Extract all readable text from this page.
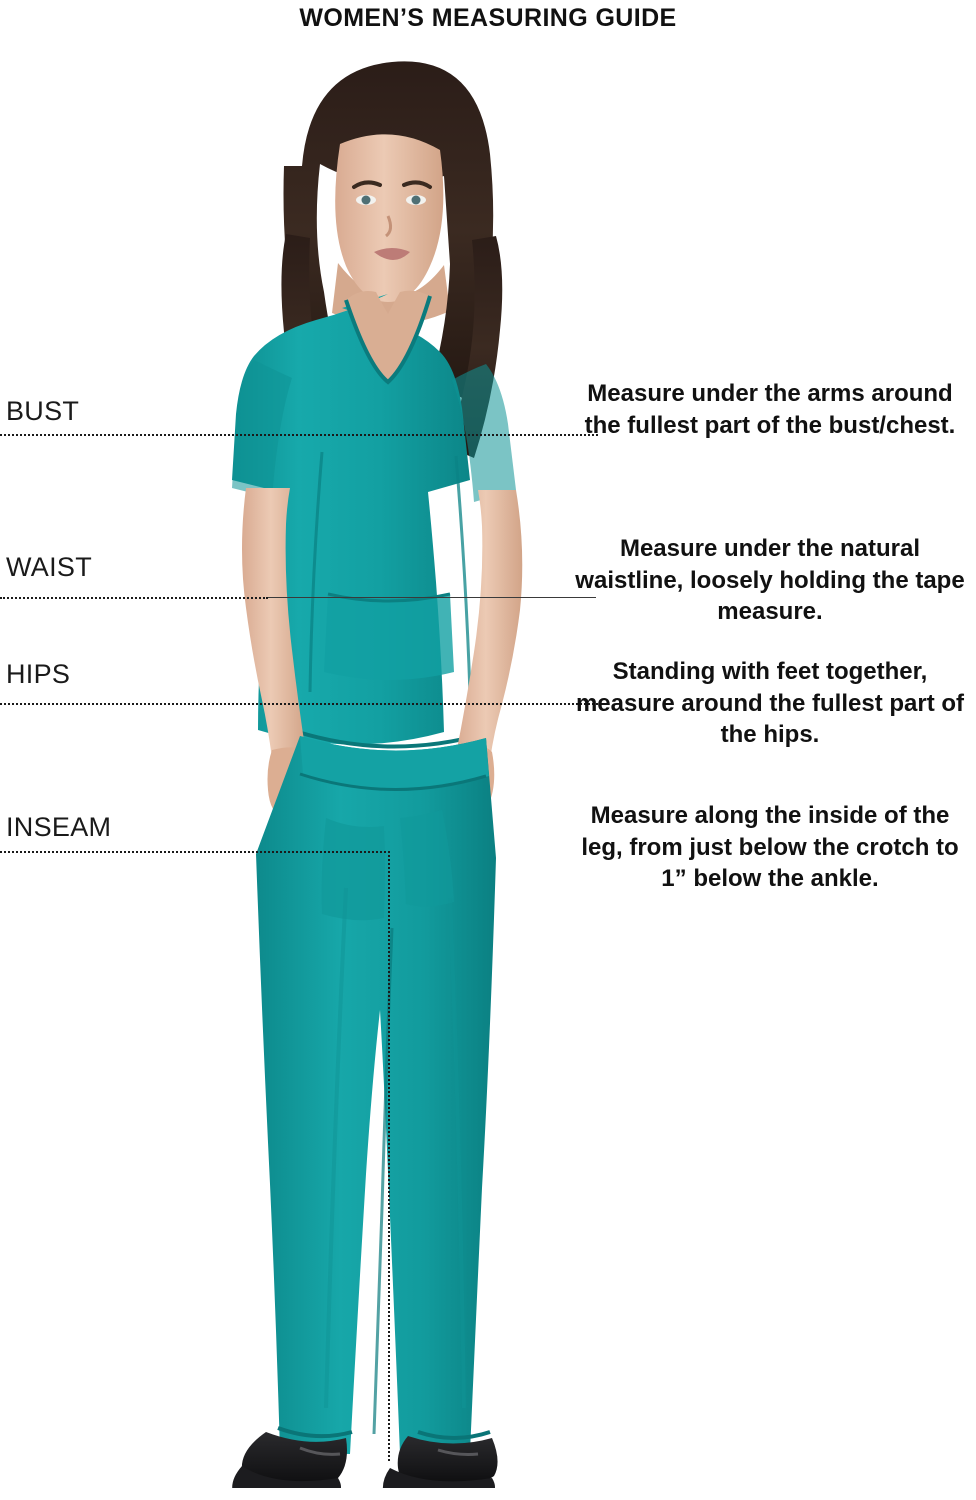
WOMEN’S MEASURING GUIDE
BUST
Measure under the arms around the fullest part of the bust/chest.
WAIST
Measure under the natural waistline, loosely holding the tape measure.
HIPS	Standing with feet together, measure around the fullest part of the hips.
INSEAM	Measure along the inside of the leg, from just below the crotch to 1” below the ankle.
